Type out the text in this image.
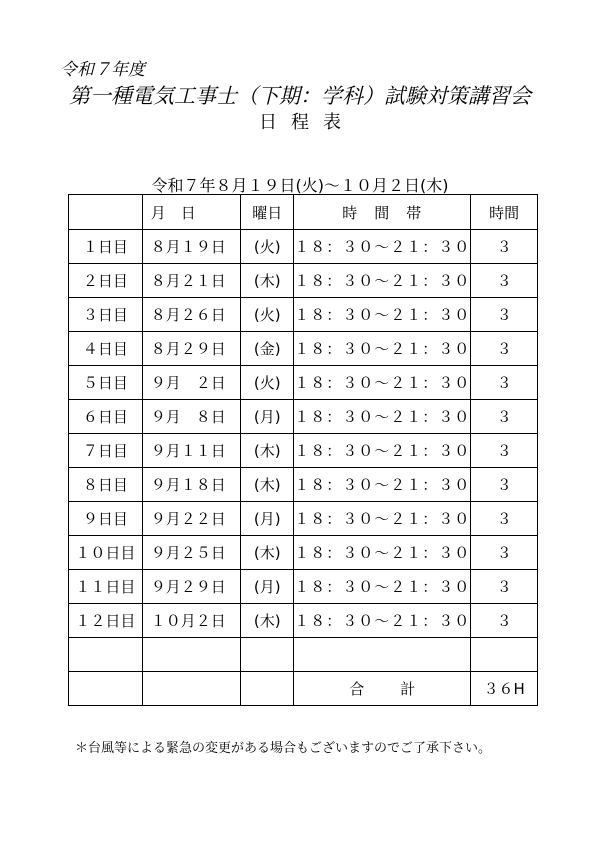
令和７年度
第一種電気工事士（下期：学科）試験対策講習会
日程表
令和７年８月１９日(火)～１０月２日(木)
	月　日	曜日	時　間　帯	時間
１日目	８月１９日	(火)	１８：３０～２１：３０	３
２日目	８月２１日	(木)	１８：３０～２１：３０	３
３日目	８月２６日	(火)	１８：３０～２１：３０	３
４日目	８月２９日	(金)	１８：３０～２１：３０	３
５日目	９月　２日	(火)	１８：３０～２１：３０	３
６日目	９月　８日	(月)	１８：３０～２１：３０	３
７日目	９月１１日	(木)	１８：３０～２１：３０	３
８日目	９月１８日	(木)	１８：３０～２１：３０	３
９日目	９月２２日	(月)	１８：３０～２１：３０	３
１０日目	９月２５日	(木)	１８：３０～２１：３０	３
１１日目	９月２９日	(月)	１８：３０～２１：３０	３
１２日目	１０月２日	(木)	１８：３０～２１：３０	３

			合計	３６H
＊台風等による緊急の変更がある場合もございますのでご了承下さい。
